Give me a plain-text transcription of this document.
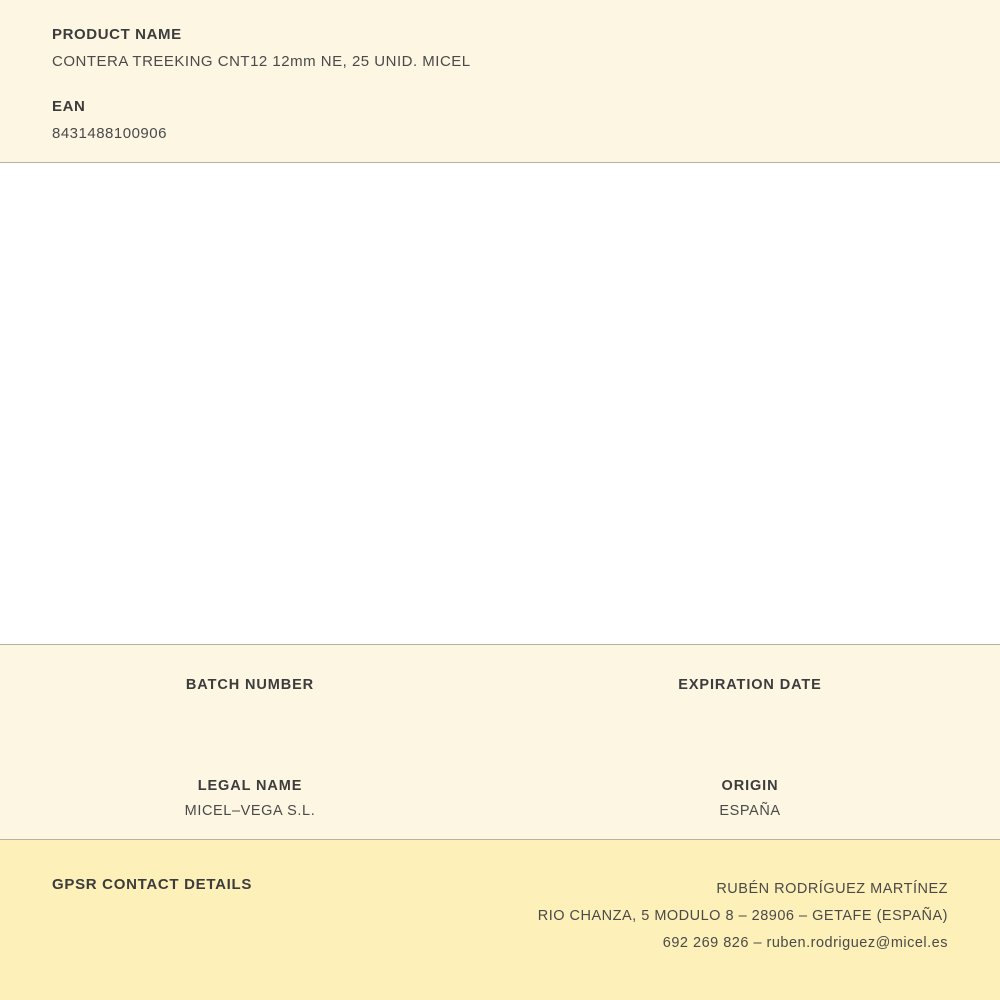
PRODUCT NAME
CONTERA TREEKING CNT12 12mm NE, 25 UNID. MICEL
EAN
8431488100906
BATCH NUMBER	EXPIRATION DATE
LEGAL NAME
MICEL–VEGA S.L.
ORIGIN
ESPAÑA
GPSR CONTACT DETAILS	RUBÉN RODRÍGUEZ MARTÍNEZ
RIO CHANZA, 5 MODULO 8 – 28906 – GETAFE (ESPAÑA)
692 269 826 – ruben.rodriguez@micel.es
